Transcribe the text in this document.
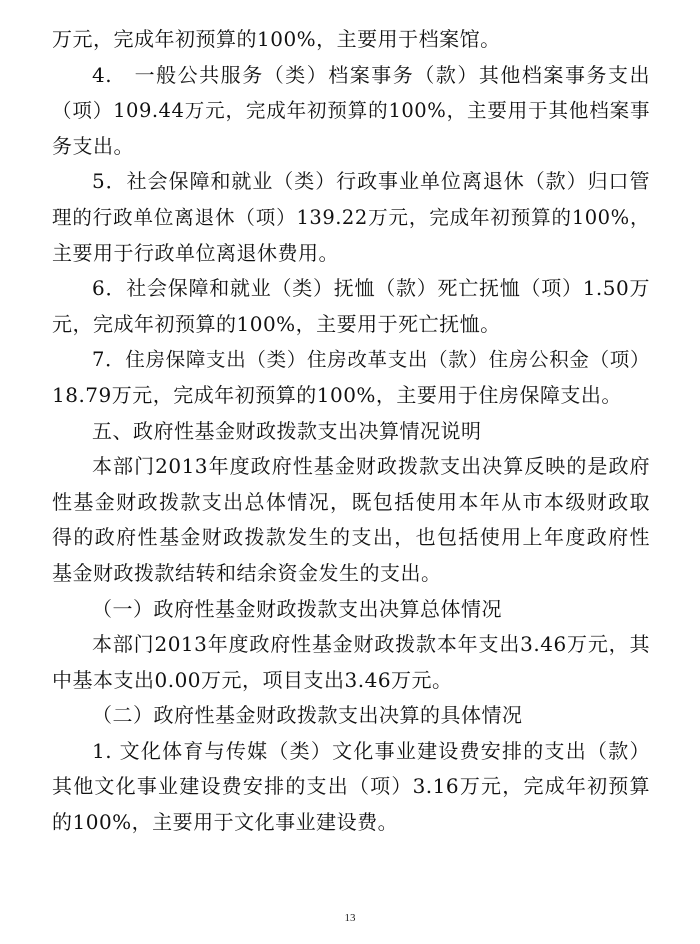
万元，完成年初预算的100%，主要用于档案馆。
4.　一般公共服务（类）档案事务（款）其他档案事务支出
（项）109.44万元，完成年初预算的100%，主要用于其他档案事
务支出。
5．社会保障和就业（类）行政事业单位离退休（款）归口管
理的行政单位离退休（项）139.22万元，完成年初预算的100%，
主要用于行政单位离退休费用。
6．社会保障和就业（类）抚恤（款）死亡抚恤（项）1.50万
元，完成年初预算的100%，主要用于死亡抚恤。
7．住房保障支出（类）住房改革支出（款）住房公积金（项）
18.79万元，完成年初预算的100%，主要用于住房保障支出。
五、政府性基金财政拨款支出决算情况说明
本部门2013年度政府性基金财政拨款支出决算反映的是政府
性基金财政拨款支出总体情况，既包括使用本年从市本级财政取
得的政府性基金财政拨款发生的支出，也包括使用上年度政府性
基金财政拨款结转和结余资金发生的支出。
（一）政府性基金财政拨款支出决算总体情况
本部门2013年度政府性基金财政拨款本年支出3.46万元，其
中基本支出0.00万元，项目支出3.46万元。
（二）政府性基金财政拨款支出决算的具体情况
1. 文化体育与传媒（类）文化事业建设费安排的支出（款）
其他文化事业建设费安排的支出（项）3.16万元，完成年初预算
的100%，主要用于文化事业建设费。
13
